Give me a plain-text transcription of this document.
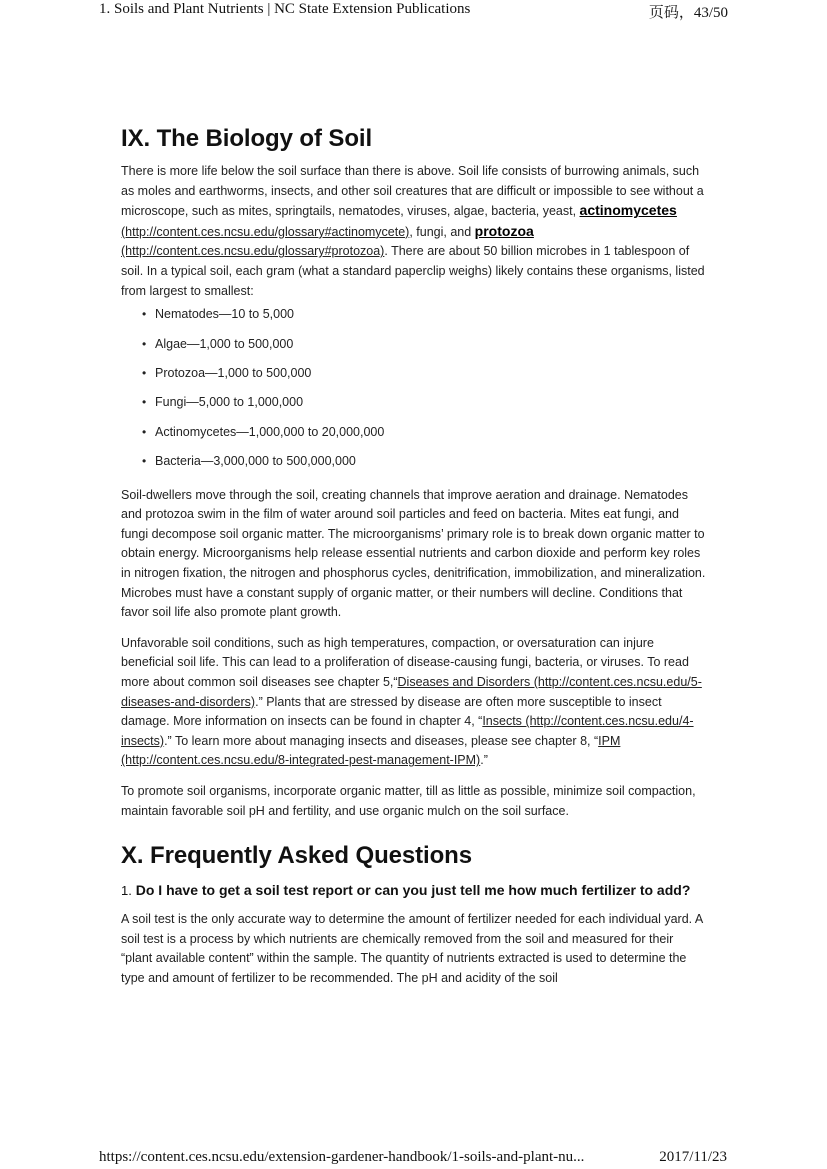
1. Soils and Plant Nutrients | NC State Extension Publications	页码，43/50
IX. The Biology of Soil

There is more life below the soil surface than there is above. Soil life consists of burrowing animals, such as moles and earthworms, insects, and other soil creatures that are difficult or impossible to see without a microscope, such as mites, springtails, nematodes, viruses, algae, bacteria, yeast, actinomycetes (http://content.ces.ncsu.edu/glossary#actinomycete), fungi, and protozoa (http://content.ces.ncsu.edu/glossary#protozoa). There are about 50 billion microbes in 1 tablespoon of soil. In a typical soil, each gram (what a standard paperclip weighs) likely contains these organisms, listed from largest to smallest:

• Nematodes—10 to 5,000
• Algae—1,000 to 500,000
• Protozoa—1,000 to 500,000
• Fungi—5,000 to 1,000,000
• Actinomycetes—1,000,000 to 20,000,000
• Bacteria—3,000,000 to 500,000,000

Soil-dwellers move through the soil, creating channels that improve aeration and drainage. Nematodes and protozoa swim in the film of water around soil particles and feed on bacteria. Mites eat fungi, and fungi decompose soil organic matter. The microorganisms’ primary role is to break down organic matter to obtain energy. Microorganisms help release essential nutrients and carbon dioxide and perform key roles in nitrogen fixation, the nitrogen and phosphorus cycles, denitrification, immobilization, and mineralization. Microbes must have a constant supply of organic matter, or their numbers will decline. Conditions that favor soil life also promote plant growth.

Unfavorable soil conditions, such as high temperatures, compaction, or oversaturation can injure beneficial soil life. This can lead to a proliferation of disease-causing fungi, bacteria, or viruses. To read more about common soil diseases see chapter 5,“Diseases and Disorders (http://content.ces.ncsu.edu/5-diseases-and-disorders).” Plants that are stressed by disease are often more susceptible to insect damage. More information on insects can be found in chapter 4, “Insects (http://content.ces.ncsu.edu/4-insects).” To learn more about managing insects and diseases, please see chapter 8, “IPM (http://content.ces.ncsu.edu/8-integrated-pest-management-IPM).”

To promote soil organisms, incorporate organic matter, till as little as possible, minimize soil compaction, maintain favorable soil pH and fertility, and use organic mulch on the soil surface.

X. Frequently Asked Questions
1. Do I have to get a soil test report or can you just tell me how much fertilizer to add?

A soil test is the only accurate way to determine the amount of fertilizer needed for each individual yard. A soil test is a process by which nutrients are chemically removed from the soil and measured for their “plant available content” within the sample. The quantity of nutrients extracted is used to determine the type and amount of fertilizer to be recommended. The pH and acidity of the soil

https://content.ces.ncsu.edu/extension-gardener-handbook/1-soils-and-plant-nu...	2017/11/23
